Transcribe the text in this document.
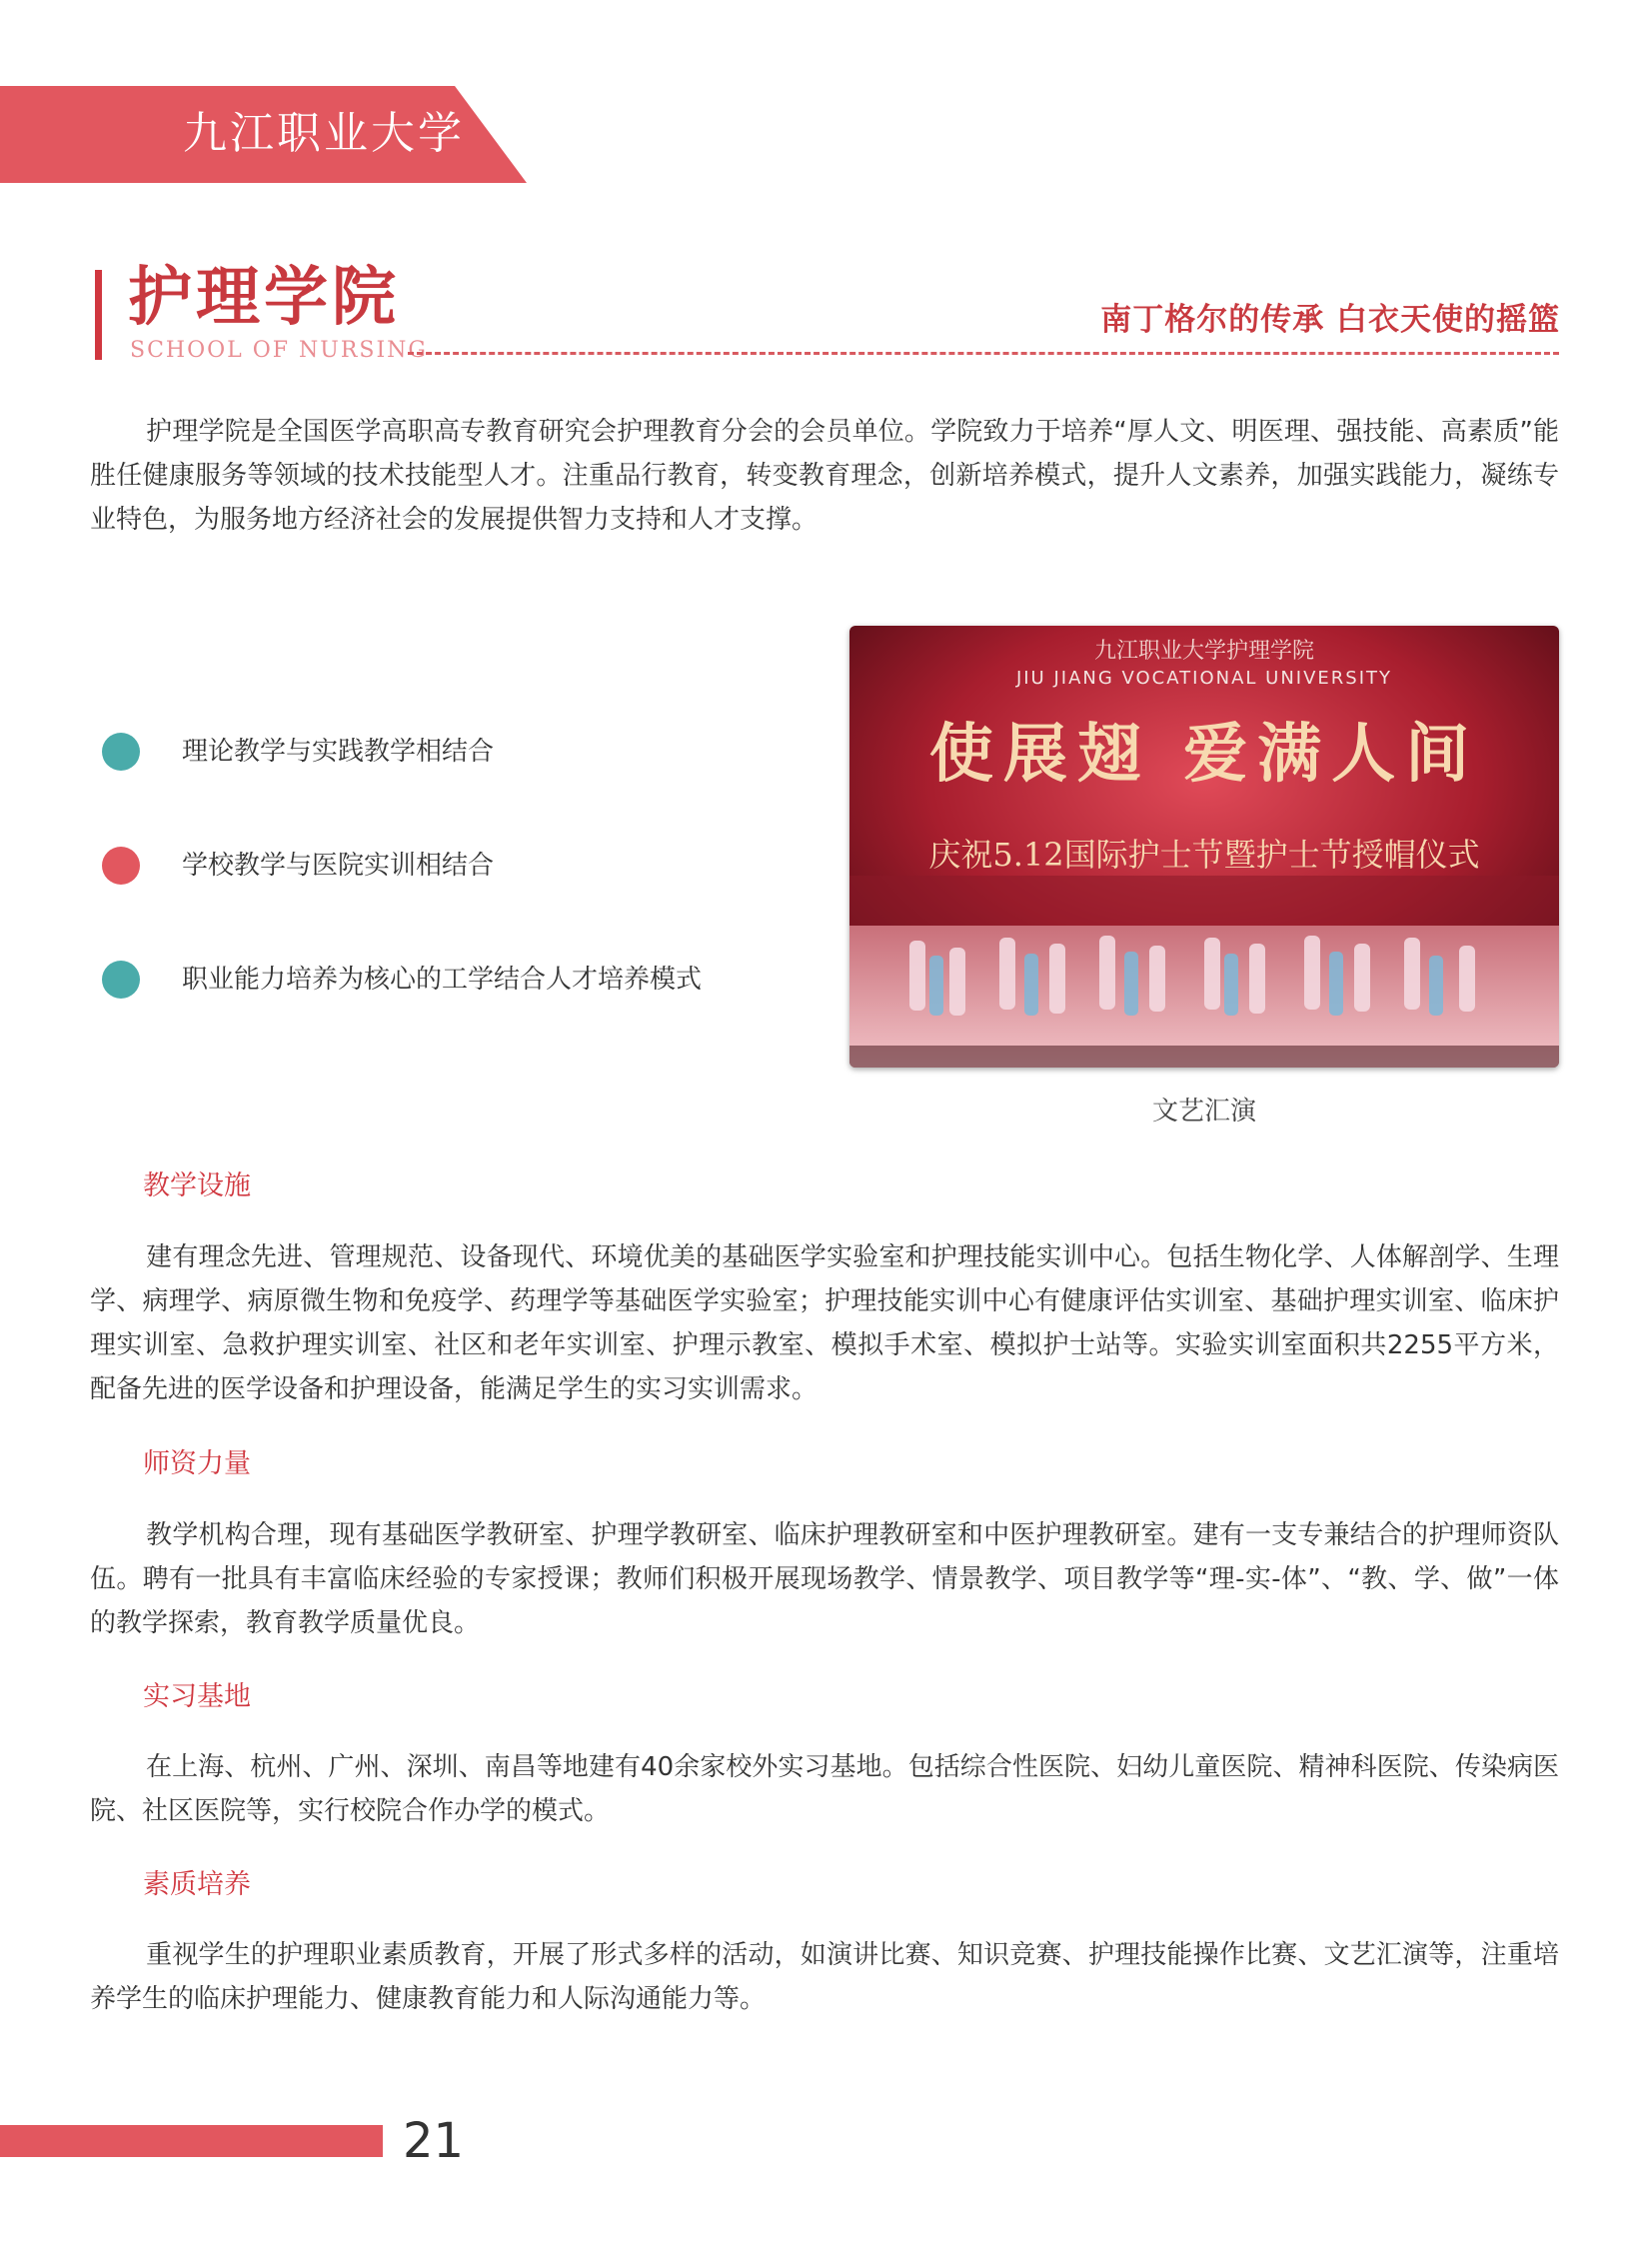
九江职业大学
护理学院
SCHOOL OF NURSING
南丁格尔的传承 白衣天使的摇篮

护理学院是全国医学高职高专教育研究会护理教育分会的会员单位。学院致力于培养“厚人文、明医理、强技能、高素质”能胜任健康服务等领域的技术技能型人才。注重品行教育，转变教育理念，创新培养模式，提升人文素养，加强实践能力，凝练专业特色，为服务地方经济社会的发展提供智力支持和人才支撑。

理论教学与实践教学相结合
学校教学与医院实训相结合
职业能力培养为核心的工学结合人才培养模式
九江职业大学护理学院
JIU JIANG VOCATIONAL UNIVERSITY
使展翅 爱满人间
庆祝5.12国际护士节暨护士节授帽仪式
文艺汇演
教学设施

建有理念先进、管理规范、设备现代、环境优美的基础医学实验室和护理技能实训中心。包括生物化学、人体解剖学、生理学、病理学、病原微生物和免疫学、药理学等基础医学实验室；护理技能实训中心有健康评估实训室、基础护理实训室、临床护理实训室、急救护理实训室、社区和老年实训室、护理示教室、模拟手术室、模拟护士站等。实验实训室面积共2255平方米，配备先进的医学设备和护理设备，能满足学生的实习实训需求。

师资力量

教学机构合理，现有基础医学教研室、护理学教研室、临床护理教研室和中医护理教研室。建有一支专兼结合的护理师资队伍。聘有一批具有丰富临床经验的专家授课；教师们积极开展现场教学、情景教学、项目教学等“理-实-体”、“教、学、做”一体的教学探索，教育教学质量优良。

实习基地

在上海、杭州、广州、深圳、南昌等地建有40余家校外实习基地。包括综合性医院、妇幼儿童医院、精神科医院、传染病医院、社区医院等，实行校院合作办学的模式。

素质培养

重视学生的护理职业素质教育，开展了形式多样的活动，如演讲比赛、知识竞赛、护理技能操作比赛、文艺汇演等，注重培养学生的临床护理能力、健康教育能力和人际沟通能力等。

21
